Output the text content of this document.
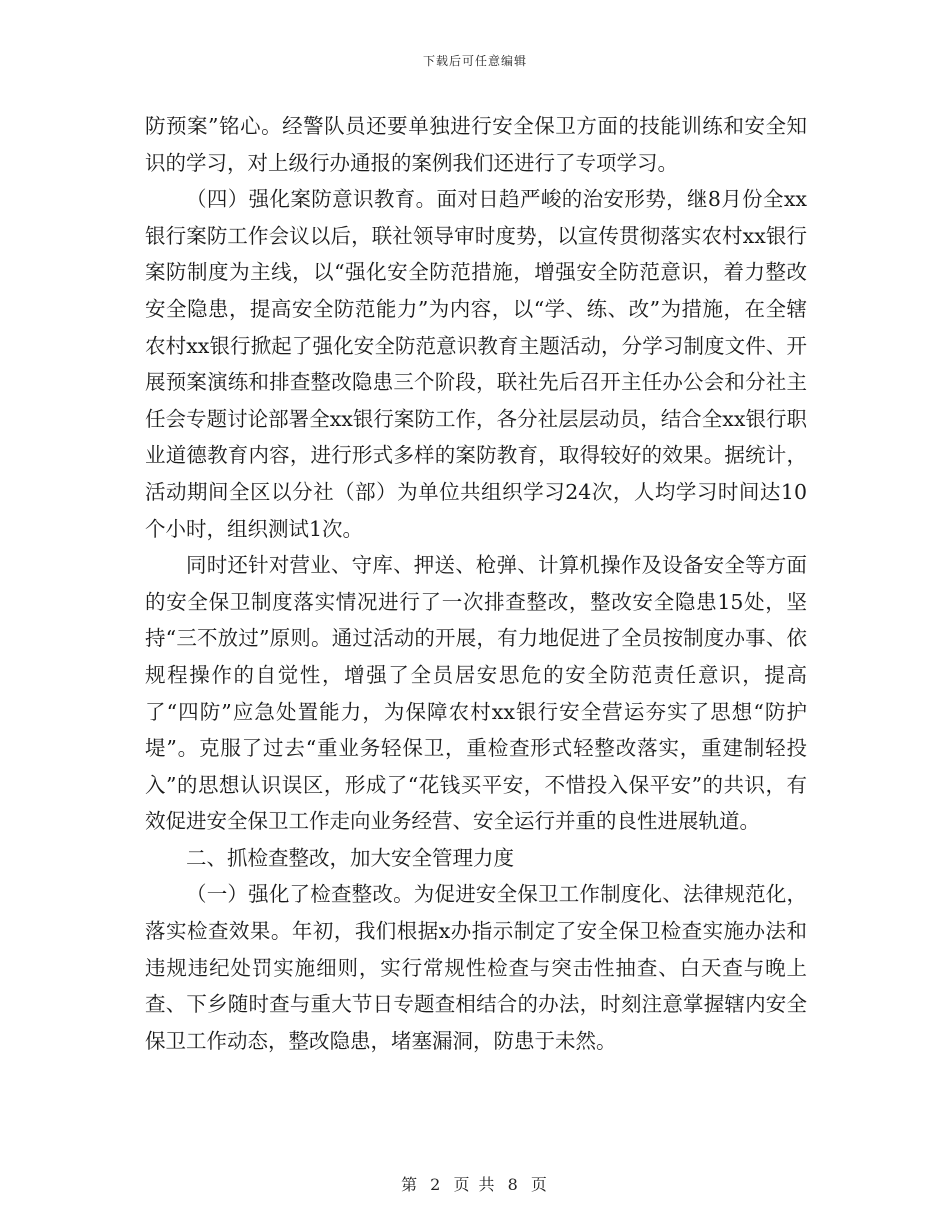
下载后可任意编辑

防预案”铭心。经警队员还要单独进行安全保卫方面的技能训练和安全知识的学习，对上级行办通报的案例我们还进行了专项学习。

（四）强化案防意识教育。面对日趋严峻的治安形势，继8月份全xx银行案防工作会议以后，联社领导审时度势，以宣传贯彻落实农村xx银行案防制度为主线，以“强化安全防范措施，增强安全防范意识，着力整改安全隐患，提高安全防范能力”为内容，以“学、练、改”为措施，在全辖农村xx银行掀起了强化安全防范意识教育主题活动，分学习制度文件、开展预案演练和排查整改隐患三个阶段，联社先后召开主任办公会和分社主任会专题讨论部署全xx银行案防工作，各分社层层动员，结合全xx银行职业道德教育内容，进行形式多样的案防教育，取得较好的效果。据统计，活动期间全区以分社（部）为单位共组织学习24次，人均学习时间达10个小时，组织测试1次。

同时还针对营业、守库、押送、枪弹、计算机操作及设备安全等方面的安全保卫制度落实情况进行了一次排查整改，整改安全隐患15处，坚持“三不放过”原则。通过活动的开展，有力地促进了全员按制度办事、依规程操作的自觉性，增强了全员居安思危的安全防范责任意识，提高了“四防”应急处置能力，为保障农村xx银行安全营运夯实了思想“防护堤”。克服了过去“重业务轻保卫，重检查形式轻整改落实，重建制轻投入”的思想认识误区，形成了“花钱买平安，不惜投入保平安”的共识，有效促进安全保卫工作走向业务经营、安全运行并重的良性进展轨道。

二、抓检查整改，加大安全管理力度

（一）强化了检查整改。为促进安全保卫工作制度化、法律规范化，落实检查效果。年初，我们根据x办指示制定了安全保卫检查实施办法和违规违纪处罚实施细则，实行常规性检查与突击性抽查、白天查与晚上查、下乡随时查与重大节日专题查相结合的办法，时刻注意掌握辖内安全保卫工作动态，整改隐患，堵塞漏洞，防患于未然。

第 2 页 共 8 页
